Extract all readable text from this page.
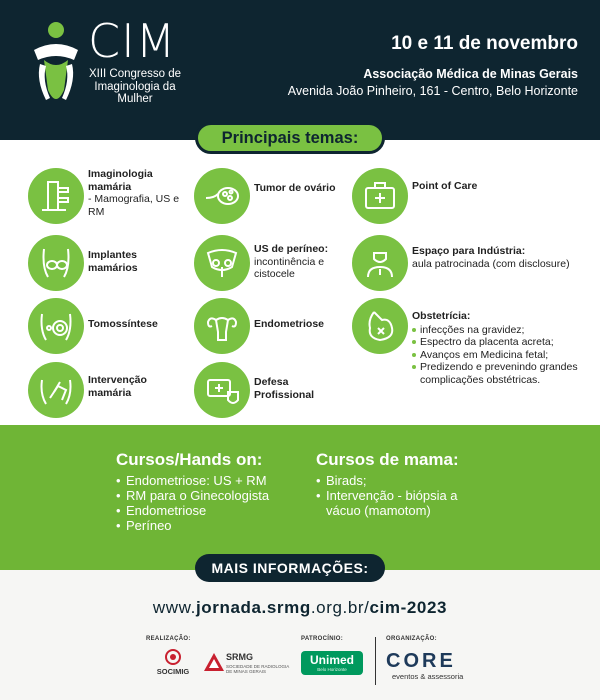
CIM
XIII Congresso de Imaginologia da Mulher
10 e 11 de novembro
Associação Médica de Minas Gerais
Avenida João Pinheiro, 161 - Centro, Belo Horizonte
Principais temas:
Imaginologia mamária
- Mamografia, US e RM
Implantes mamários
Tomossíntese
Intervenção mamária
Tumor de ovário
US de períneo:
incontinência e cistocele
Endometriose
Defesa Profissional
Point of Care
Espaço para Indústria:
aula patrocinada (com disclosure)
Obstetrícia:
infecções na gravidez;
Espectro da placenta acreta;
Avanços em Medicina fetal;
Predizendo e prevenindo grandes complicações obstétricas.
Cursos/Hands on:
• Endometriose: US + RM
• RM para o Ginecologista
• Endometriose
• Períneo
Cursos de mama:
• Birads;
• Intervenção - biópsia a vácuo (mamotom)
MAIS INFORMAÇÕES:
www.jornada.srmg.org.br/cim-2023
REALIZAÇÃO:	PATROCÍNIO:	ORGANIZAÇÃO:
SOCIMIG
SRMG
SOCIEDADE DE RADIOLOGIA DE MINAS GERAIS
Unimed
Belo Horizonte	CORE
eventos & assessoria
